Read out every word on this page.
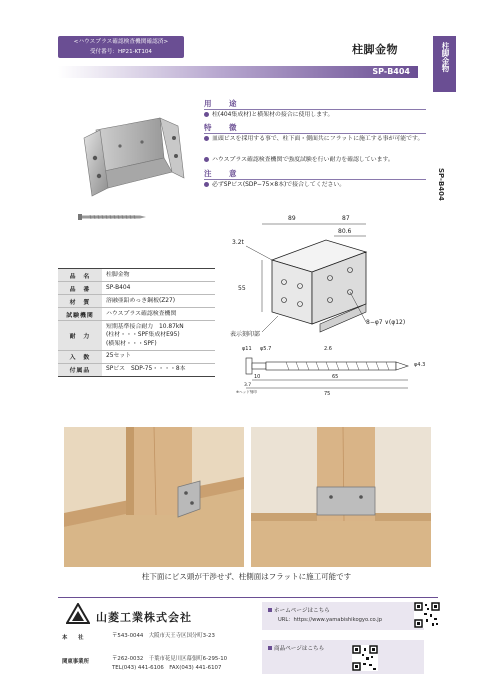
<ハウスプラス確認検査機関確認済>
受付番号：HP21-KT104	柱脚金物
SP-B404	柱脚金物
SP-B404
用　途
柱(404集成材)と横架材の接合に使用します。
特　徴
皿頭ビスを採用する事で、柱下面・側面共にフラットに施工する事が可能です。
ハウスプラス確認検査機関で強度試験を行い耐力を確認しています。
注　意
必ずSPビス(SDP−75×8本)で接合してください。
89	87
80.6
3.2t
55
8−φ7 ∨(φ12)
表示刻印部
φ11 φ5.7	2.6
φ4.3
10	65
75
3.7
※ヘッド刻印
品　名	柱脚金物
品　番	SP-B404
材　質	溶融亜鉛めっき鋼板(Z27)
試験機関	ハウスプラス確認検査機関
耐　力
短期基準接合耐力　10.87kN
(柱材・・・SPF集成材E95)
(横架材・・・SPF)
入　数	25セット
付属品	SPビス　SDP-75・・・・8本
柱下面にビス頭が干渉せず、柱側面はフラットに施工可能です
山菱工業株式会社
本　　社	〒543-0044　大阪市天王寺区国分町3-23
関東事業所	〒262-0032　千葉市花見川区幕張町6-295-10
TEL(043) 441-6106　FAX(043) 441-6107
ホームページはこちら
URL：https://www.yamabishikogyo.co.jp
商品ページはこちら
